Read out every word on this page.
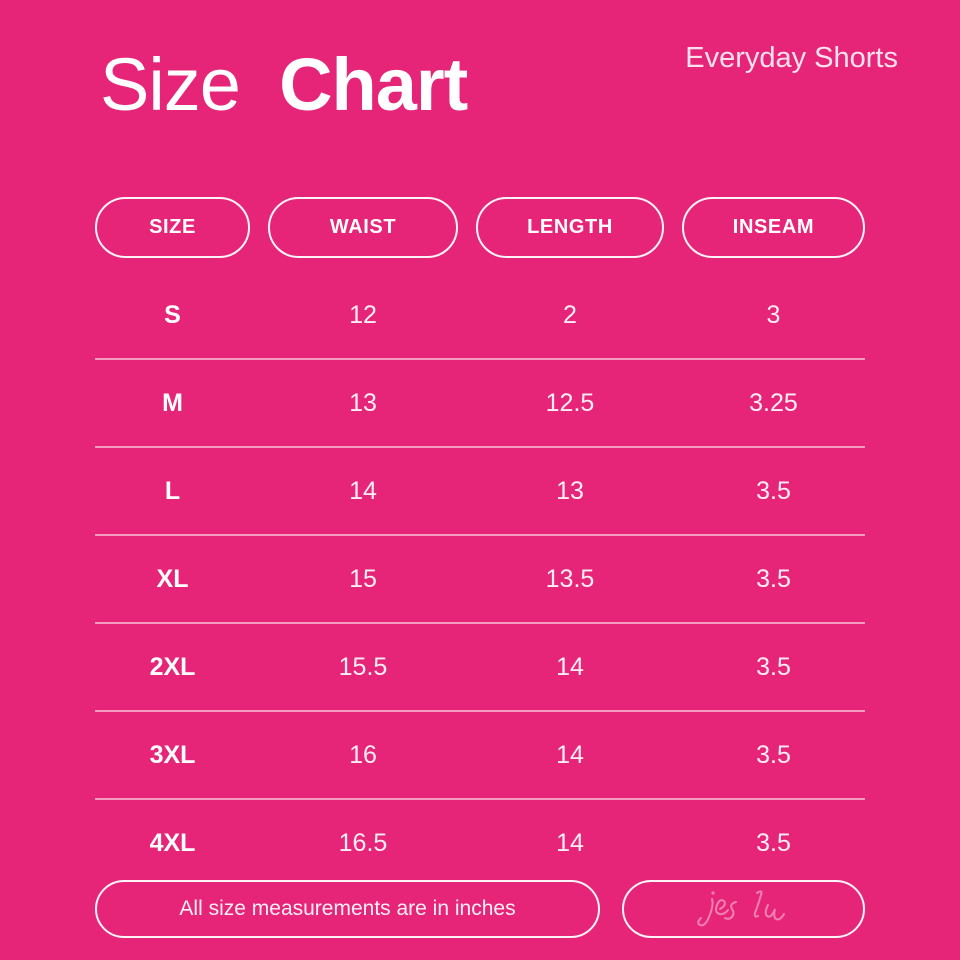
Size Chart	Everyday Shorts
SIZE	WAIST	LENGTH	INSEAM
S	12	2	3
M	13	12.5	3.25
L	14	13	3.5
XL	15	13.5	3.5
2XL	15.5	14	3.5
3XL	16	14	3.5
4XL	16.5	14	3.5
All size measurements are in inches
